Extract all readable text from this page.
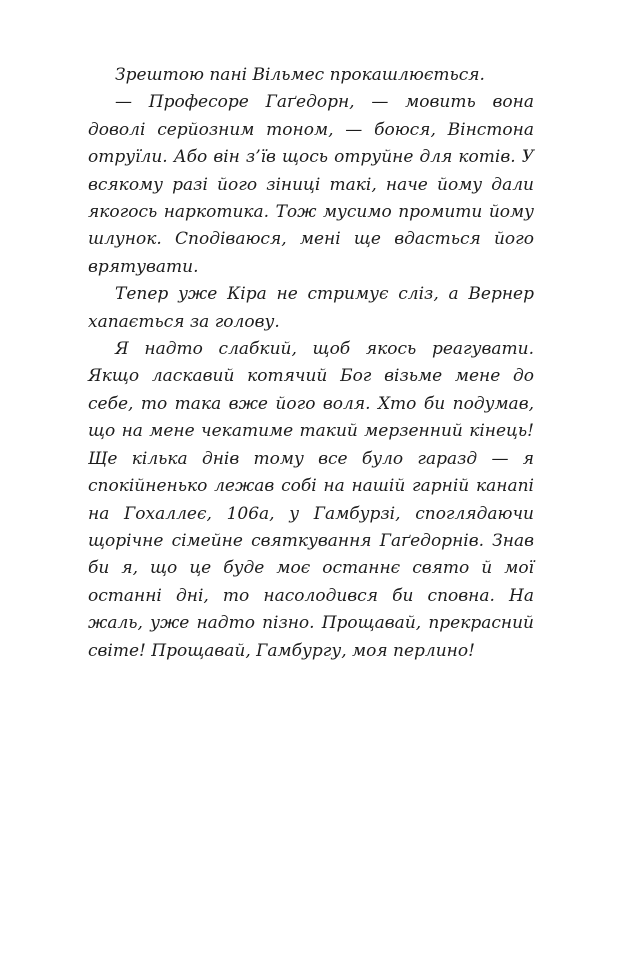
Зрештою пані Вільмес прокашлюється.

— Професоре Гаґедорн, — мовить вона доволі серйозним тоном, — боюся, Вінстона отруїли. Або він з’їв щось отруйне для котів. У всякому разі його зіниці такі, наче йому дали якогось наркотика. Тож мусимо промити йому шлунок. Сподіваюся, мені ще вдасться його врятувати.

Тепер уже Кіра не стримує сліз, а Вернер хапається за голову.

Я надто слабкий, щоб якось реагувати. Якщо ласкавий котячий Бог візьме мене до себе, то така вже його воля. Хто би подумав, що на мене чекатиме такий мерзенний кінець! Ще кілька днів тому все було гаразд — я спокійненько лежав собі на нашій гарній канапі на Гохаллеє, 106а, у Гамбурзі, споглядаючи щорічне сімейне святкування Гаґедорнів. Знав би я, що це буде моє останнє свято й мої останні дні, то насолодився би сповна. На жаль, уже надто пізно. Прощавай, прекрасний світе! Прощавай, Гамбургу, моя перлино!
